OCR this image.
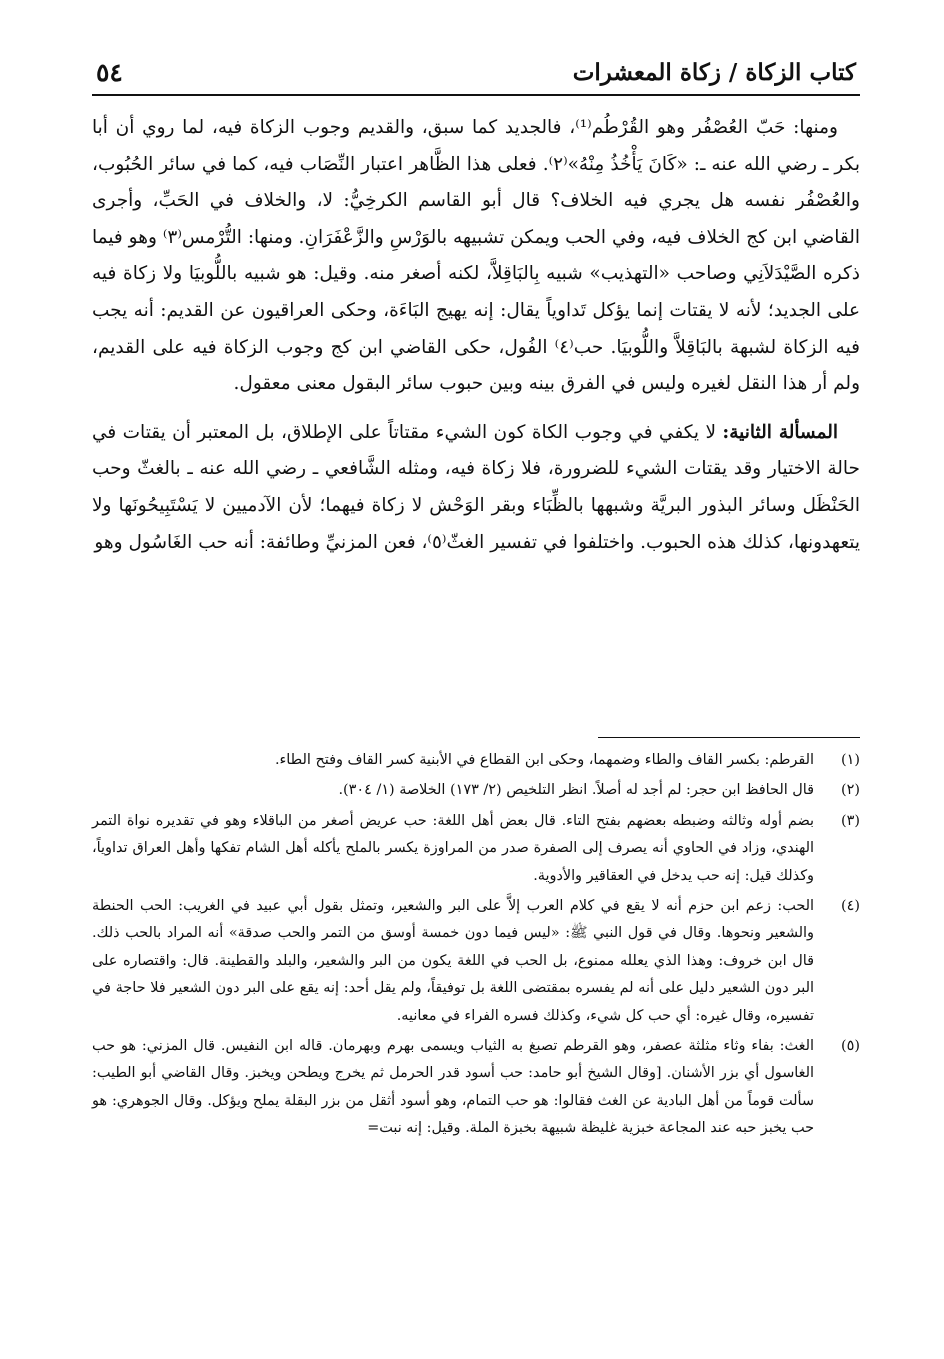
كتاب الزكاة / زكاة المعشرات
٥٤

ومنها: حَبّ العُصْفُر وهو القُرْطُم⁽¹⁾، فالجديد كما سبق، والقديم وجوب الزكاة فيه، لما روي أن أبا بكر ـ رضي الله عنه ـ: «كَانَ يَأْخُذُ مِنْهُ»⁽٢⁾. فعلى هذا الظَّاهر اعتبار النِّصَاب فيه، كما في سائر الحُبُوب، والعُصْفُر نفسه هل يجري فيه الخلاف؟ قال أبو القاسم الكرخِيُّ: لا، والخلاف في الحَبِّ، وأجرى القاضي ابن كج الخلاف فيه، وفي الحب ويمكن تشبيهه بالوَرْسِ والزَّعْفَرَانِ. ومنها: التُّرْمس⁽٣⁾ وهو فيما ذكره الصَّيْدَلاَنِي وصاحب «التهذيب» شبيه بِالبَاقِلاَّ، لكنه أصغر منه. وقيل: هو شبيه باللُّوبيَا ولا زكاة فيه على الجديد؛ لأنه لا يقتات إنما يؤكل تَداوياً يقال: إنه يهيج البَاءَة، وحكى العراقيون عن القديم: أنه يجب فيه الزكاة لشبهة بالبَاقِلاَّ واللُّوبيَا. حب⁽٤⁾ الفُول، حكى القاضي ابن كج وجوب الزكاة فيه على القديم، ولم أر هذا النقل لغيره وليس في الفرق بينه وبين حبوب سائر البقول معنى معقول.

المسألة الثانية: لا يكفي في وجوب الكاة كون الشيء مقتاتاً على الإطلاق، بل المعتبر أن يقتات في حالة الاختيار وقد يقتات الشيء للضرورة، فلا زكاة فيه، ومثله الشَّافعي ـ رضي الله عنه ـ بالغثّ وحب الحَنْظَل وسائر البذور البريَّة وشبهها بالظِّبَاء وبقر الوَحْش لا زكاة فيهما؛ لأن الآدميين لا يَسْتَبِيحُونَها ولا يتعهدونها، كذلك هذه الحبوب. واختلفوا في تفسير الغثّ⁽٥⁾، فعن المزنيِّ وطائفة: أنه حب الغَاسُول وهو

(١)
القرطم: بكسر القاف والطاء وضمهما، وحكى ابن القطاع في الأبنية كسر القاف وفتح الطاء.
(٢)
قال الحافظ ابن حجر: لم أجد له أصلاً. انظر التلخيص (٢/ ١٧٣) الخلاصة (١/ ٣٠٤).
(٣)
بضم أوله وثالثه وضبطه بعضهم بفتح التاء. قال بعض أهل اللغة: حب عريض أصغر من الباقلاء وهو في تقديره نواة التمر الهندي، وزاد في الحاوي أنه يصرف إلى الصفرة صدر من المراوزة يكسر بالملح يأكله أهل الشام تفكها وأهل العراق تداوياً، وكذلك قيل: إنه حب يدخل في العقاقير والأدوية.
(٤)
الحب: زعم ابن حزم أنه لا يقع في كلام العرب إلاَّ على البر والشعير، وتمثل بقول أبي عبيد في الغريب: الحب الحنطة والشعير ونحوها. وقال في قول النبي ﷺ: «ليس فيما دون خمسة أوسق من التمر والحب صدقة» أنه المراد بالحب ذلك. قال ابن خروف: وهذا الذي يعلله ممنوع، بل الحب في اللغة يكون من البر والشعير، والبلد والقطينة. قال: واقتصاره على البر دون الشعير دليل على أنه لم يفسره بمقتضى اللغة بل توفيقاً، ولم يقل أحد: إنه يقع على البر دون الشعير فلا حاجة في تفسيره، وقال غيره: أي حب كل شيء، وكذلك فسره الفراء في معانيه.
(٥)
الغث: بفاء وثاء مثلثة عصفر، وهو القرطم تصبغ به الثياب ويسمى بهرم وبهرمان. قاله ابن النفيس. قال المزني: هو حب الغاسول أي بزر الأشنان. [وقال الشيخ أبو حامد: حب أسود قدر الحرمل ثم يخرج ويطحن ويخبز. وقال القاضي أبو الطيب: سألت قوماً من أهل البادية عن الغث فقالوا: هو حب التمام، وهو أسود أثقل من بزر البقلة يملح ويؤكل. وقال الجوهري: هو حب يخبز حبه عند المجاعة خبزية غليظة شبيهة بخبزة الملة. وقيل: إنه نبت=
